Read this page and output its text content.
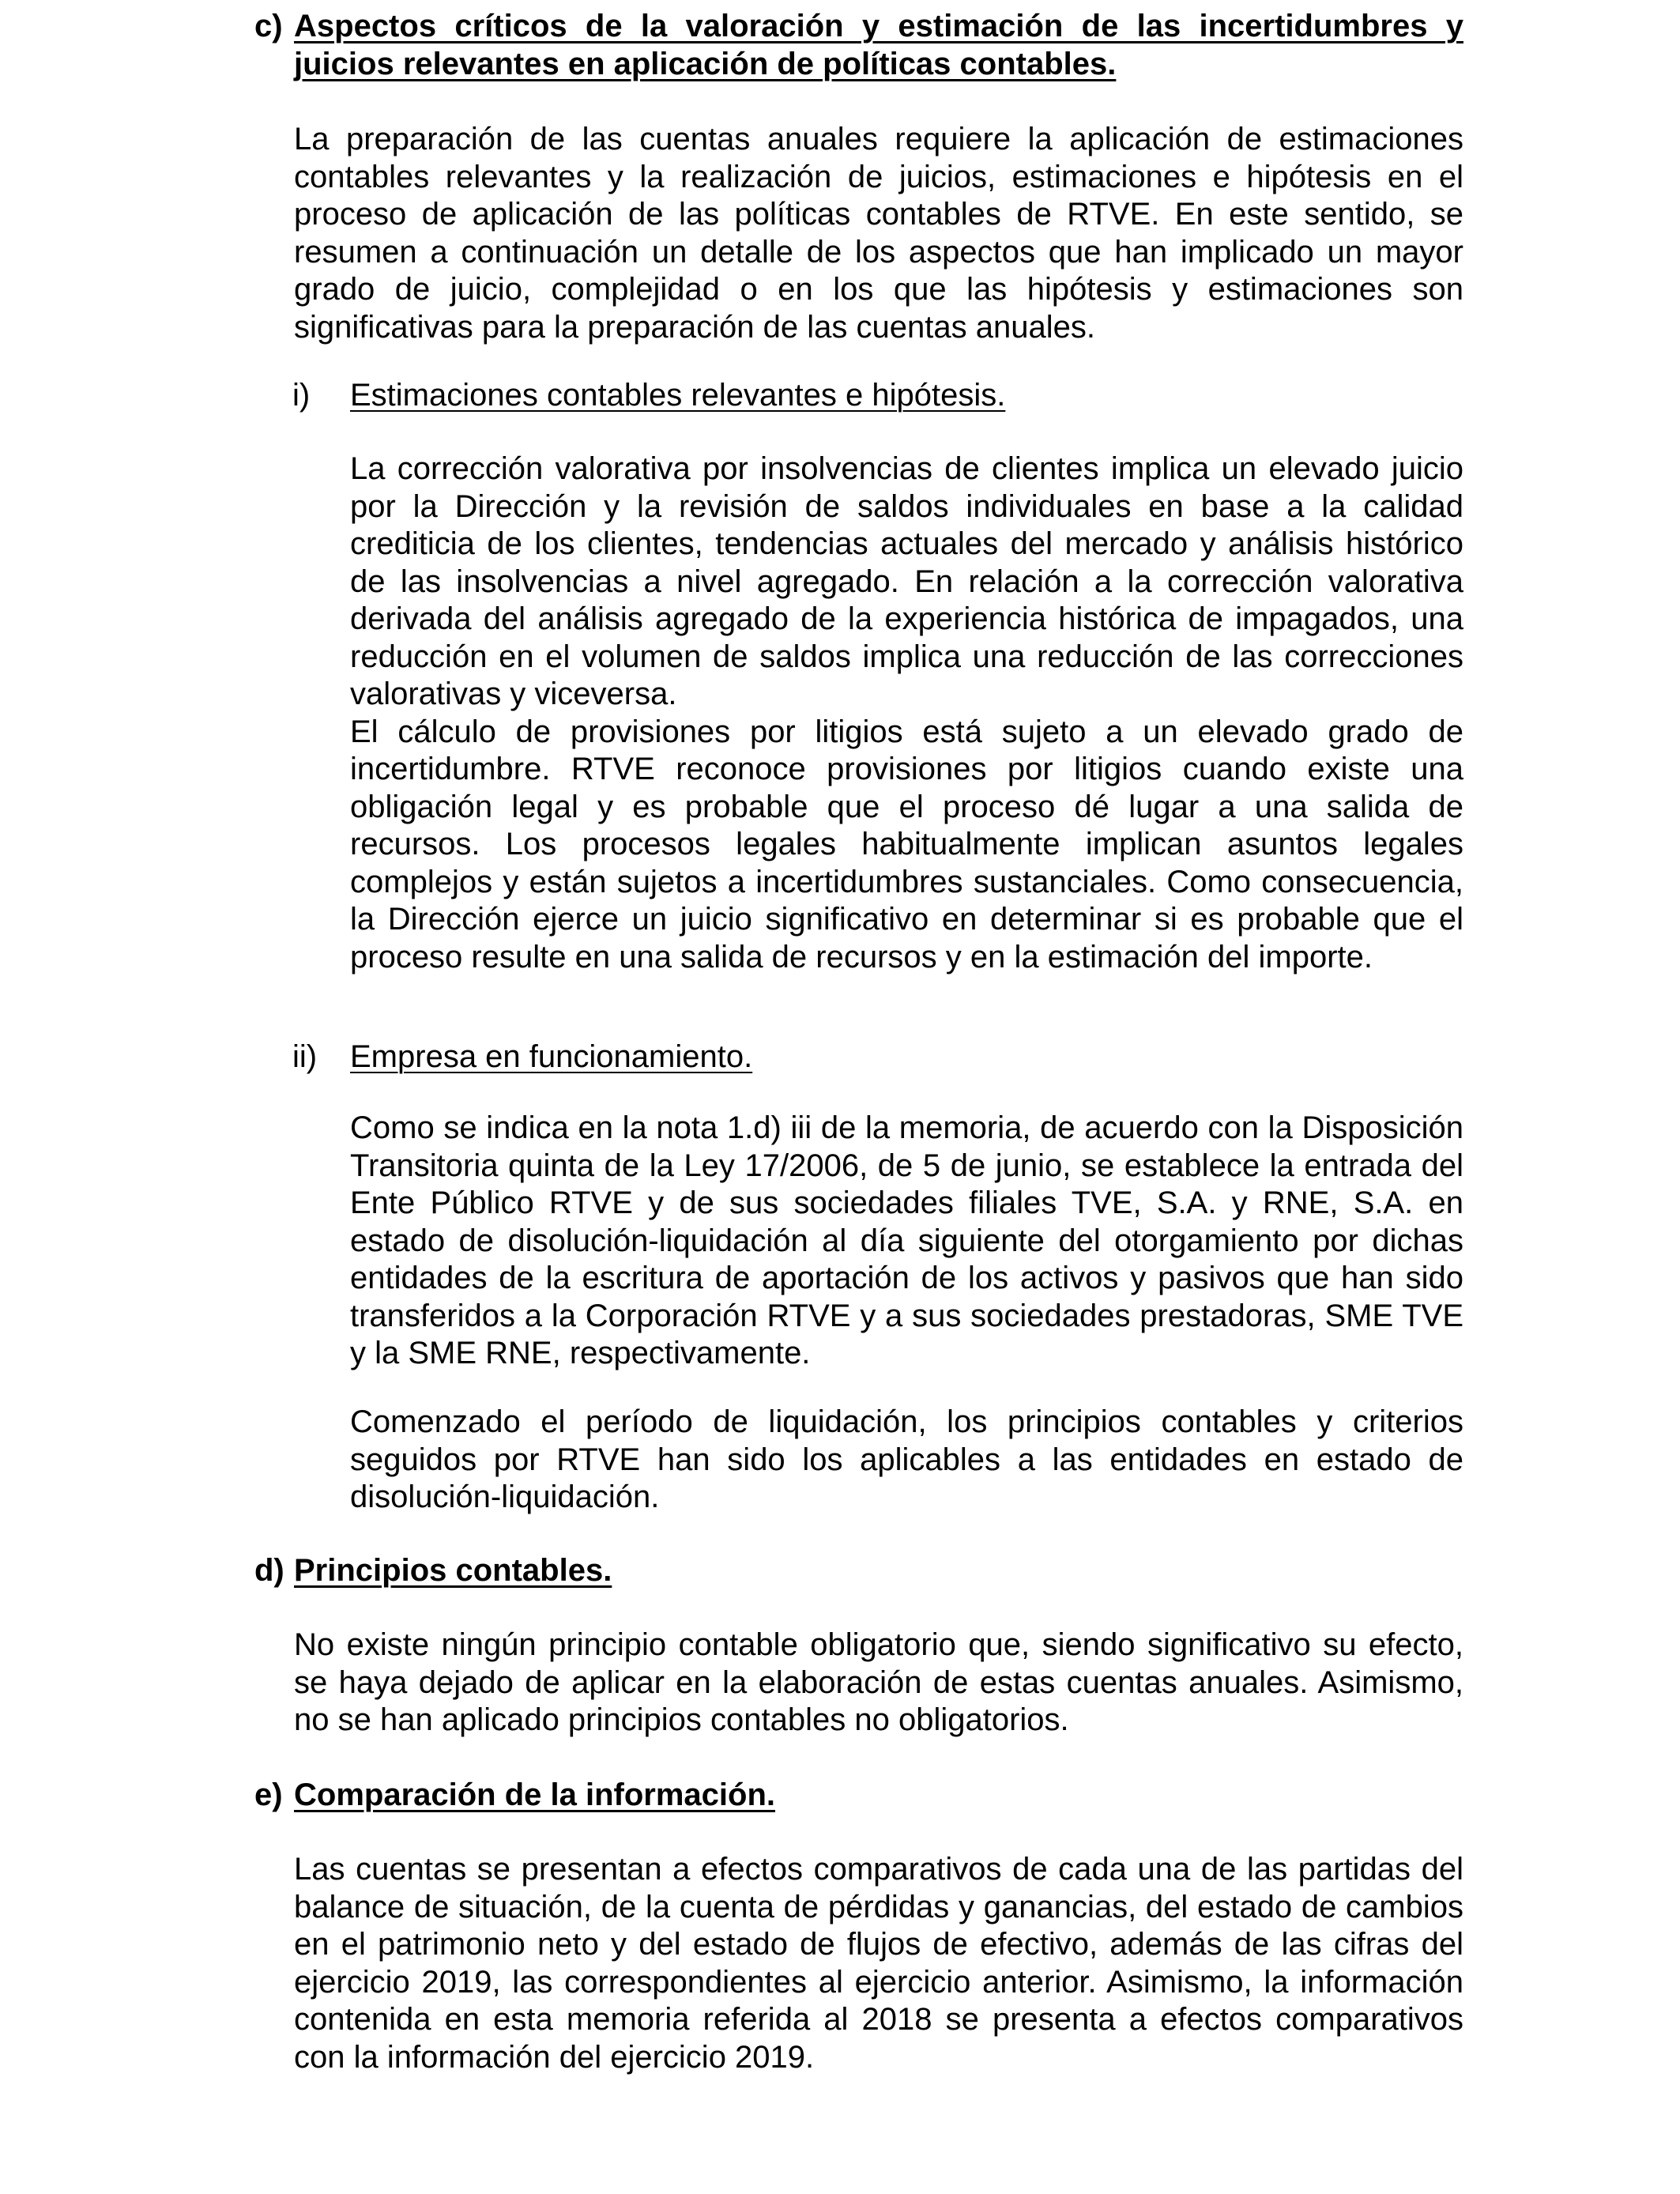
c) Aspectos críticos de la valoración y estimación de las incertidumbres y juicios relevantes en aplicación de políticas contables.

La preparación de las cuentas anuales requiere la aplicación de estimaciones contables relevantes y la realización de juicios, estimaciones e hipótesis en el proceso de aplicación de las políticas contables de RTVE. En este sentido, se resumen a continuación un detalle de los aspectos que han implicado un mayor grado de juicio, complejidad o en los que las hipótesis y estimaciones son significativas para la preparación de las cuentas anuales.

i) Estimaciones contables relevantes e hipótesis.

La corrección valorativa por insolvencias de clientes implica un elevado juicio por la Dirección y la revisión de saldos individuales en base a la calidad crediticia de los clientes, tendencias actuales del mercado y análisis histórico de las insolvencias a nivel agregado. En relación a la corrección valorativa derivada del análisis agregado de la experiencia histórica de impagados, una reducción en el volumen de saldos implica una reducción de las correcciones valorativas y viceversa.

El cálculo de provisiones por litigios está sujeto a un elevado grado de incertidumbre. RTVE reconoce provisiones por litigios cuando existe una obligación legal y es probable que el proceso dé lugar a una salida de recursos. Los procesos legales habitualmente implican asuntos legales complejos y están sujetos a incertidumbres sustanciales. Como consecuencia, la Dirección ejerce un juicio significativo en determinar si es probable que el proceso resulte en una salida de recursos y en la estimación del importe.

ii) Empresa en funcionamiento.

Como se indica en la nota 1.d) iii de la memoria, de acuerdo con la Disposición Transitoria quinta de la Ley 17/2006, de 5 de junio, se establece la entrada del Ente Público RTVE y de sus sociedades filiales TVE, S.A. y RNE, S.A. en estado de disolución-liquidación al día siguiente del otorgamiento por dichas entidades de la escritura de aportación de los activos y pasivos que han sido transferidos a la Corporación RTVE y a sus sociedades prestadoras, SME TVE y la SME RNE, respectivamente.

Comenzado el período de liquidación, los principios contables y criterios seguidos por RTVE han sido los aplicables a las entidades en estado de disolución-liquidación.

d) Principios contables.

No existe ningún principio contable obligatorio que, siendo significativo su efecto, se haya dejado de aplicar en la elaboración de estas cuentas anuales. Asimismo, no se han aplicado principios contables no obligatorios.

e) Comparación de la información.

Las cuentas se presentan a efectos comparativos de cada una de las partidas del balance de situación, de la cuenta de pérdidas y ganancias, del estado de cambios en el patrimonio neto y del estado de flujos de efectivo, además de las cifras del ejercicio 2019, las correspondientes al ejercicio anterior. Asimismo, la información contenida en esta memoria referida al 2018 se presenta a efectos comparativos con la información del ejercicio 2019.
